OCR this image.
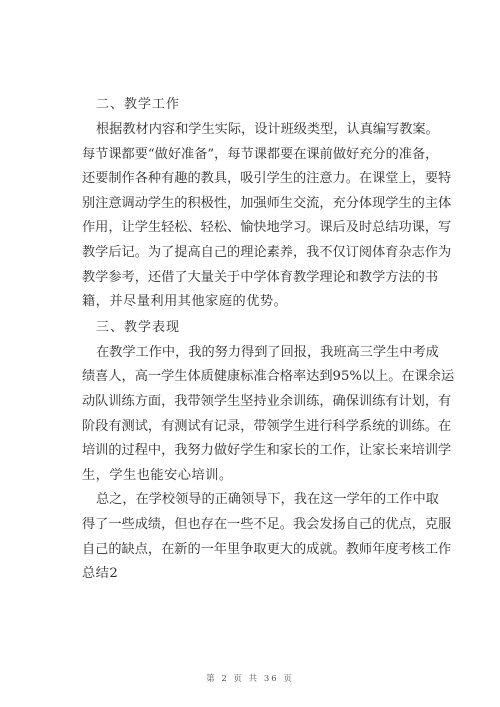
二、教学工作
根据教材内容和学生实际，设计班级类型，认真编写教案。
每节课都要“做好准备”，每节课都要在课前做好充分的准备，
还要制作各种有趣的教具，吸引学生的注意力。在课堂上，要特
别注意调动学生的积极性，加强师生交流，充分体现学生的主体
作用，让学生轻松、轻松、愉快地学习。课后及时总结功课，写
教学后记。为了提高自己的理论素养，我不仅订阅体育杂志作为
教学参考，还借了大量关于中学体育教学理论和教学方法的书
籍，并尽量利用其他家庭的优势。
三、教学表现
在教学工作中，我的努力得到了回报，我班高三学生中考成
绩喜人，高一学生体质健康标准合格率达到95%以上。在课余运
动队训练方面，我带领学生坚持业余训练，确保训练有计划，有
阶段有测试，有测试有记录，带领学生进行科学系统的训练。在
培训的过程中，我努力做好学生和家长的工作，让家长来培训学
生，学生也能安心培训。
总之，在学校领导的正确领导下，我在这一学年的工作中取
得了一些成绩，但也存在一些不足。我会发扬自己的优点，克服
自己的缺点，在新的一年里争取更大的成就。教师年度考核工作
总结2
第 2 页 共 36 页
